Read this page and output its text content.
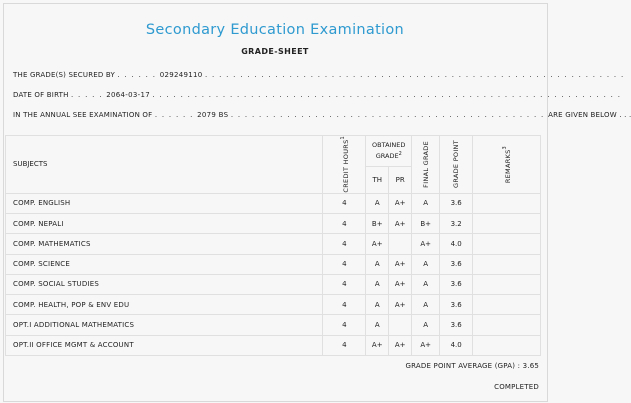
Secondary Education Examination
GRADE-SHEET
THE GRADE(S) SECURED BY . . . . . . 029249110 . . . . . . . . . . . . . . . . . . . . . . . . . . . . . . . . . . . . . . . . . . . . . . . . . . . . . . . . . . . .
DATE OF BIRTH . . . . . 2064-03-17 . . . . . . . . . . . . . . . . . . . . . . . . . . . . . . . . . . . . . . . . . . . . . . . . . . . . . . . . . . . . . . . . . . .
IN THE ANNUAL SEE EXAMINATION OF . . . . . . 2079 BS . . . . . . . . . . . . . . . . . . . . . . . . . . . . . . . . . . . . . . . . . . . . . ARE GIVEN BELOW . . .
SUBJECTS	CREDIT HOURS$^1$	OBTAINED GRADE$^2$		FINAL GRADE	GRADE POINT	REMARKS$^3$

		TH	PR			
COMP. ENGLISH	4	A	A+	A	3.6	
COMP. NEPALI	4	B+	A+	B+	3.2	
COMP. MATHEMATICS	4	A+		A+	4.0	
COMP. SCIENCE	4	A	A+	A	3.6	
COMP. SOCIAL STUDIES	4	A	A+	A	3.6	
COMP. HEALTH, POP & ENV EDU	4	A	A+	A	3.6	
OPT.I ADDITIONAL MATHEMATICS	4	A		A	3.6	
OPT.II OFFICE MGMT & ACCOUNT	4	A+	A+	A+	4.0	
GRADE POINT AVERAGE (GPA) : 3.65
COMPLETED
